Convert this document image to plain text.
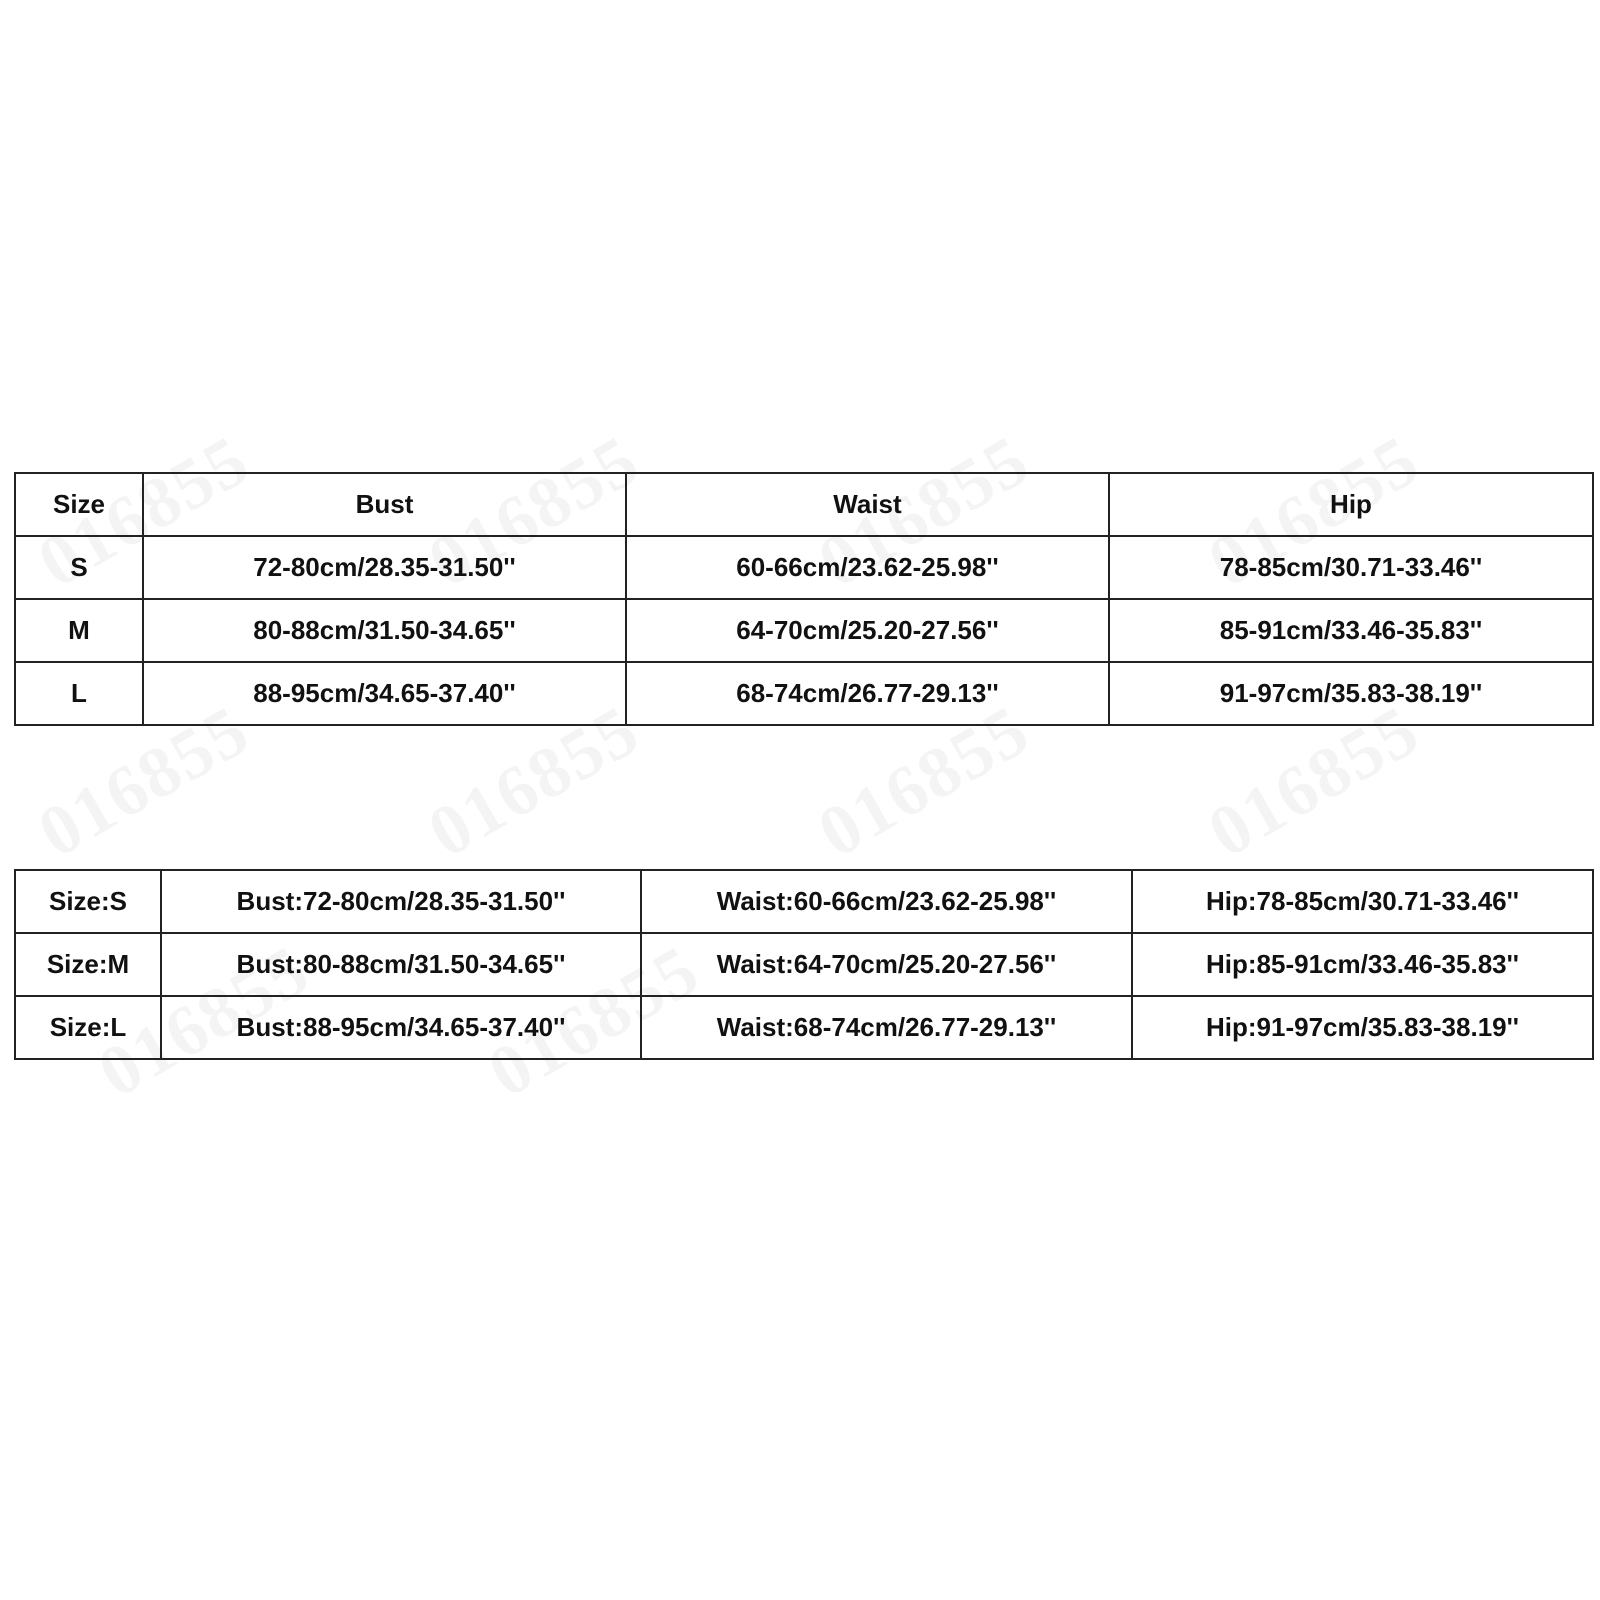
Size	Bust	Waist	Hip
S	72-80cm/28.35-31.50''	60-66cm/23.62-25.98''	78-85cm/30.71-33.46''
M	80-88cm/31.50-34.65''	64-70cm/25.20-27.56''	85-91cm/33.46-35.83''
L	88-95cm/34.65-37.40''	68-74cm/26.77-29.13''	91-97cm/35.83-38.19''
Size:S	Bust:72-80cm/28.35-31.50''	Waist:60-66cm/23.62-25.98''	Hip:78-85cm/30.71-33.46''
Size:M	Bust:80-88cm/31.50-34.65''	Waist:64-70cm/25.20-27.56''	Hip:85-91cm/33.46-35.83''
Size:L	Bust:88-95cm/34.65-37.40''	Waist:68-74cm/26.77-29.13''	Hip:91-97cm/35.83-38.19''
